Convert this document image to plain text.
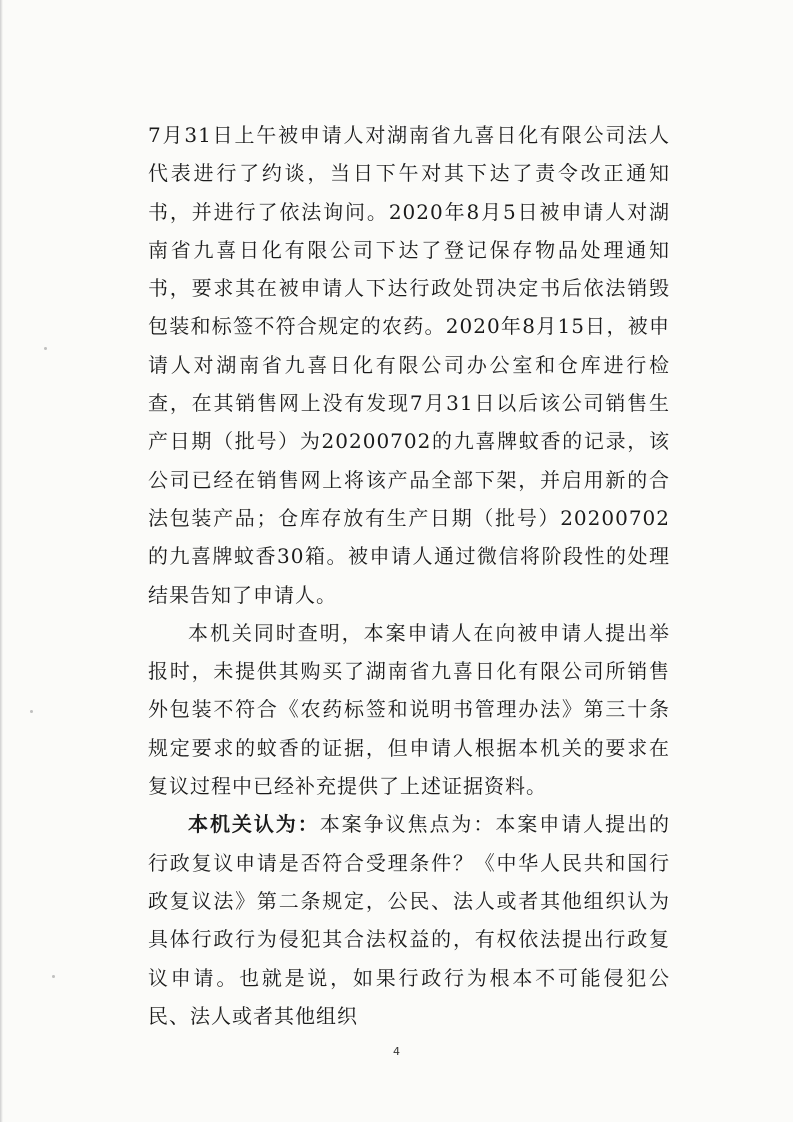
7月31日上午被申请人对湖南省九喜日化有限公司法人代表进行了约谈，当日下午对其下达了责令改正通知书，并进行了依法询问。2020年8月5日被申请人对湖南省九喜日化有限公司下达了登记保存物品处理通知书，要求其在被申请人下达行政处罚决定书后依法销毁包装和标签不符合规定的农药。2020年8月15日，被申请人对湖南省九喜日化有限公司办公室和仓库进行检查，在其销售网上没有发现7月31日以后该公司销售生产日期（批号）为20200702的九喜牌蚊香的记录，该公司已经在销售网上将该产品全部下架，并启用新的合法包装产品；仓库存放有生产日期（批号）20200702的九喜牌蚊香30箱。被申请人通过微信将阶段性的处理结果告知了申请人。

本机关同时查明，本案申请人在向被申请人提出举报时，未提供其购买了湖南省九喜日化有限公司所销售外包装不符合《农药标签和说明书管理办法》第三十条规定要求的蚊香的证据，但申请人根据本机关的要求在复议过程中已经补充提供了上述证据资料。

本机关认为：本案争议焦点为：本案申请人提出的行政复议申请是否符合受理条件？《中华人民共和国行政复议法》第二条规定，公民、法人或者其他组织认为具体行政行为侵犯其合法权益的，有权依法提出行政复议申请。也就是说，如果行政行为根本不可能侵犯公民、法人或者其他组织

4
